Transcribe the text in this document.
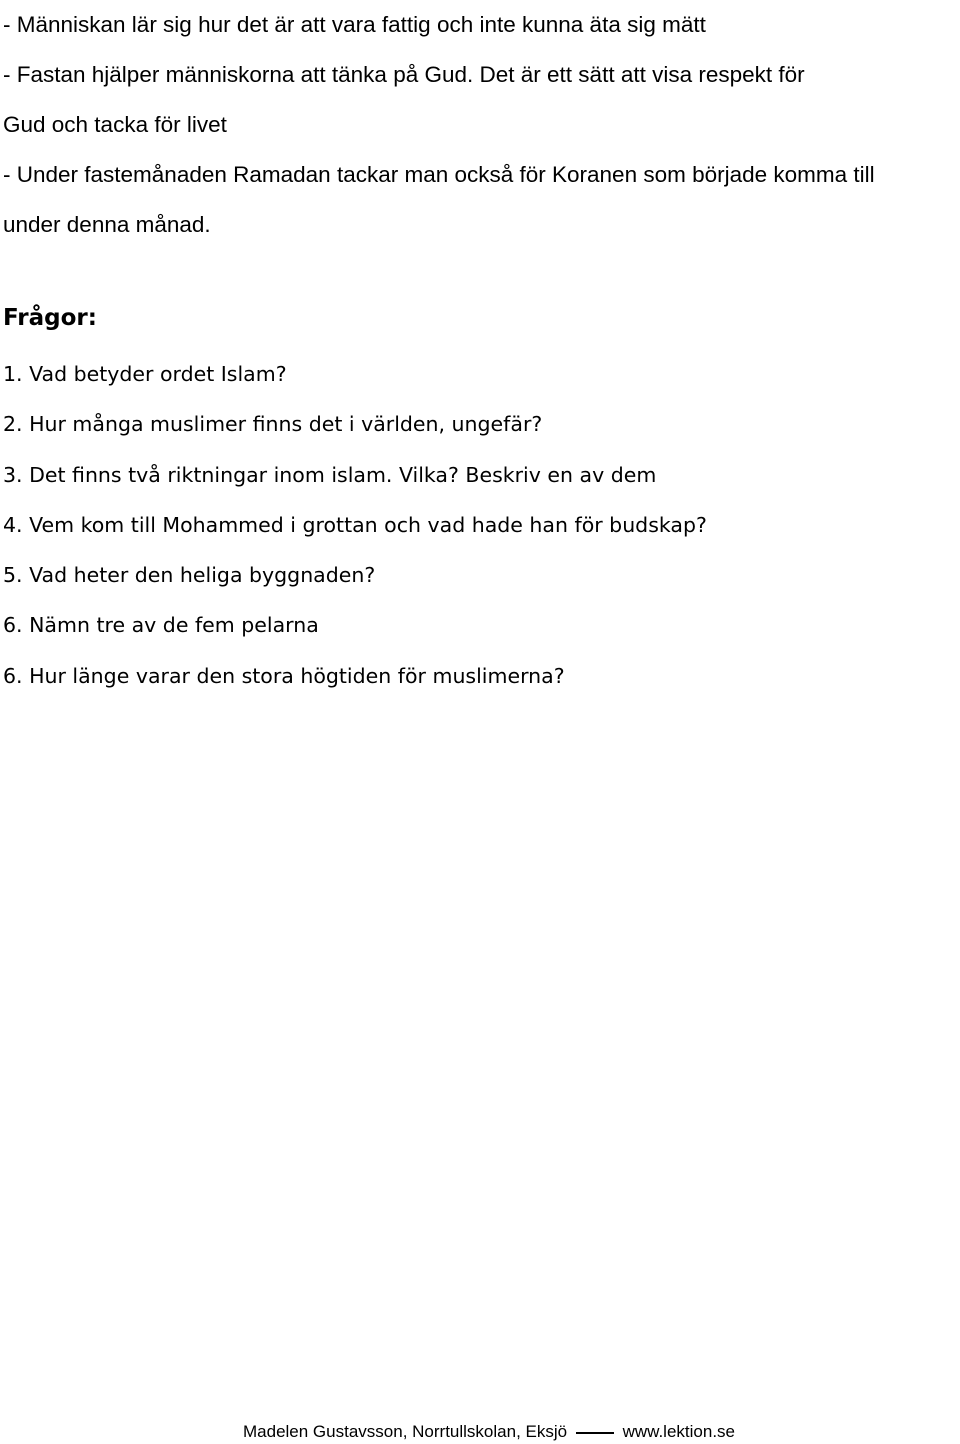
- Människan lär sig hur det är att vara fattig och inte kunna äta sig mätt
- Fastan hjälper människorna att tänka på Gud. Det är ett sätt att visa respekt för
Gud och tacka för livet
- Under fastemånaden Ramadan tackar man också för Koranen som började komma till
under denna månad.
Frågor:
1. Vad betyder ordet Islam?
2. Hur många muslimer finns det i världen, ungefär?
3. Det finns två riktningar inom islam. Vilka? Beskriv en av dem
4. Vem kom till Mohammed i grottan och vad hade han för budskap?
5. Vad heter den heliga byggnaden?
6. Nämn tre av de fem pelarna
6. Hur länge varar den stora högtiden för muslimerna?
Madelen Gustavsson, Norrtullskolan, Eksjö	www.lektion.se
